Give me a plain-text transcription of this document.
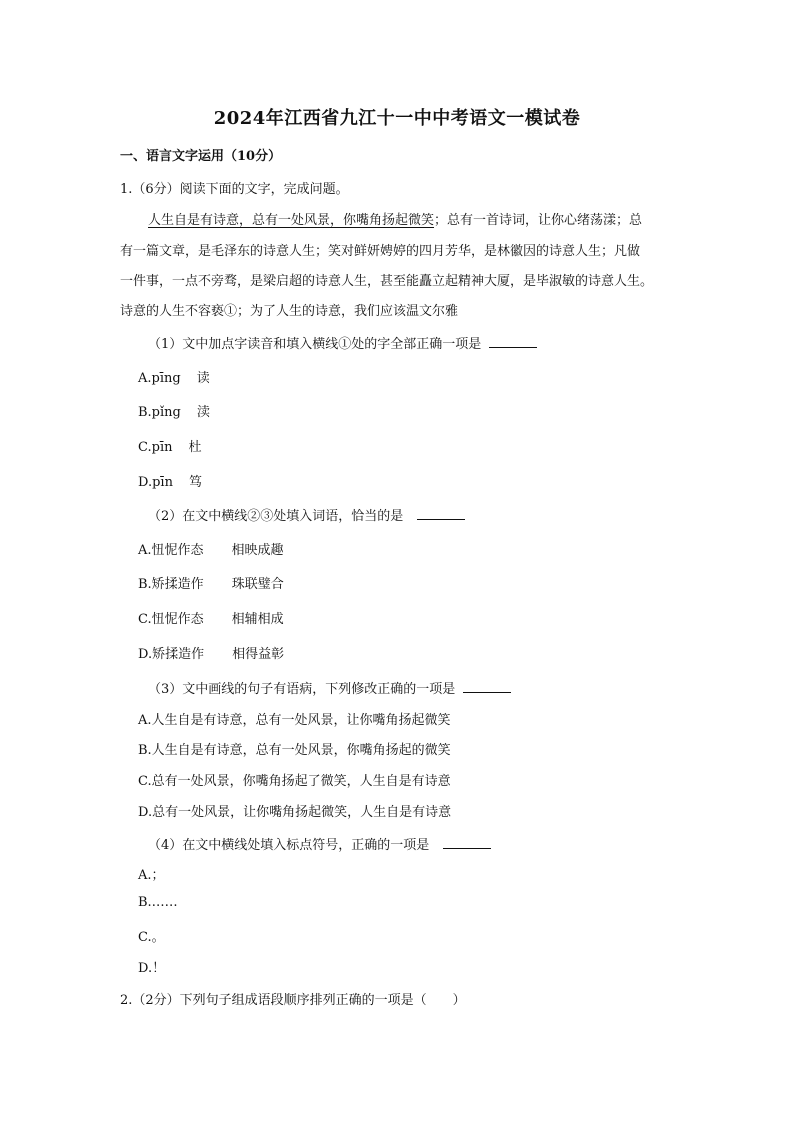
2024年江西省九江十一中中考语文一模试卷
一、语言文字运用（10分）
1.（6分）阅读下面的文字，完成问题。
人生自是有诗意，总有一处风景，你嘴角扬起微笑；总有一首诗词，让你心绪荡漾；总
有一篇文章，是毛泽东的诗意人生；笑对鲜妍娉婷的四月芳华，是林徽因的诗意人生；凡做
一件事，一点不旁骛，是梁启超的诗意人生，甚至能矗立起精神大厦，是毕淑敏的诗意人生。
诗意的人生不容亵①；为了人生的诗意，我们应该温文尔雅
（1）文中加点字读音和填入横线①处的字全部正确一项是
A.pīng 读
B.pǐng 渎
C.pīn 杜
D.pīn 笃
（2）在文中横线②③处填入词语，恰当的是
A.忸怩作态 相映成趣
B.矫揉造作 珠联璧合
C.忸怩作态 相辅相成
D.矫揉造作 相得益彰
（3）文中画线的句子有语病，下列修改正确的一项是
A.人生自是有诗意，总有一处风景，让你嘴角扬起微笑
B.人生自是有诗意，总有一处风景，你嘴角扬起的微笑
C.总有一处风景，你嘴角扬起了微笑，人生自是有诗意
D.总有一处风景，让你嘴角扬起微笑，人生自是有诗意
（4）在文中横线处填入标点符号，正确的一项是
A.；
B.……
C.。
D.！
2.（2分）下列句子组成语段顺序排列正确的一项是（　　）
